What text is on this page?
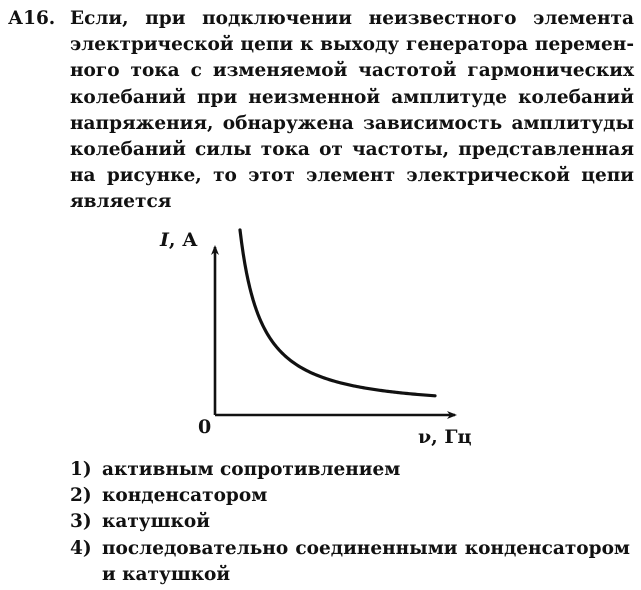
А16. Если, при подключении неизвестного элемента электрической цепи к выходу генератора переменного тока с изменяемой частотой гармонических колебаний при неизменной амплитуде колебаний напряжения, обнаружена зависимость амплитуды колебаний силы тока от частоты, представленная на рисунке, то этот элемент электрической цепи является
I, А
0	ν, Гц
1) активным сопротивлением
2) конденсатором
3) катушкой
4) последовательно соединенными конденсатором и катушкой
